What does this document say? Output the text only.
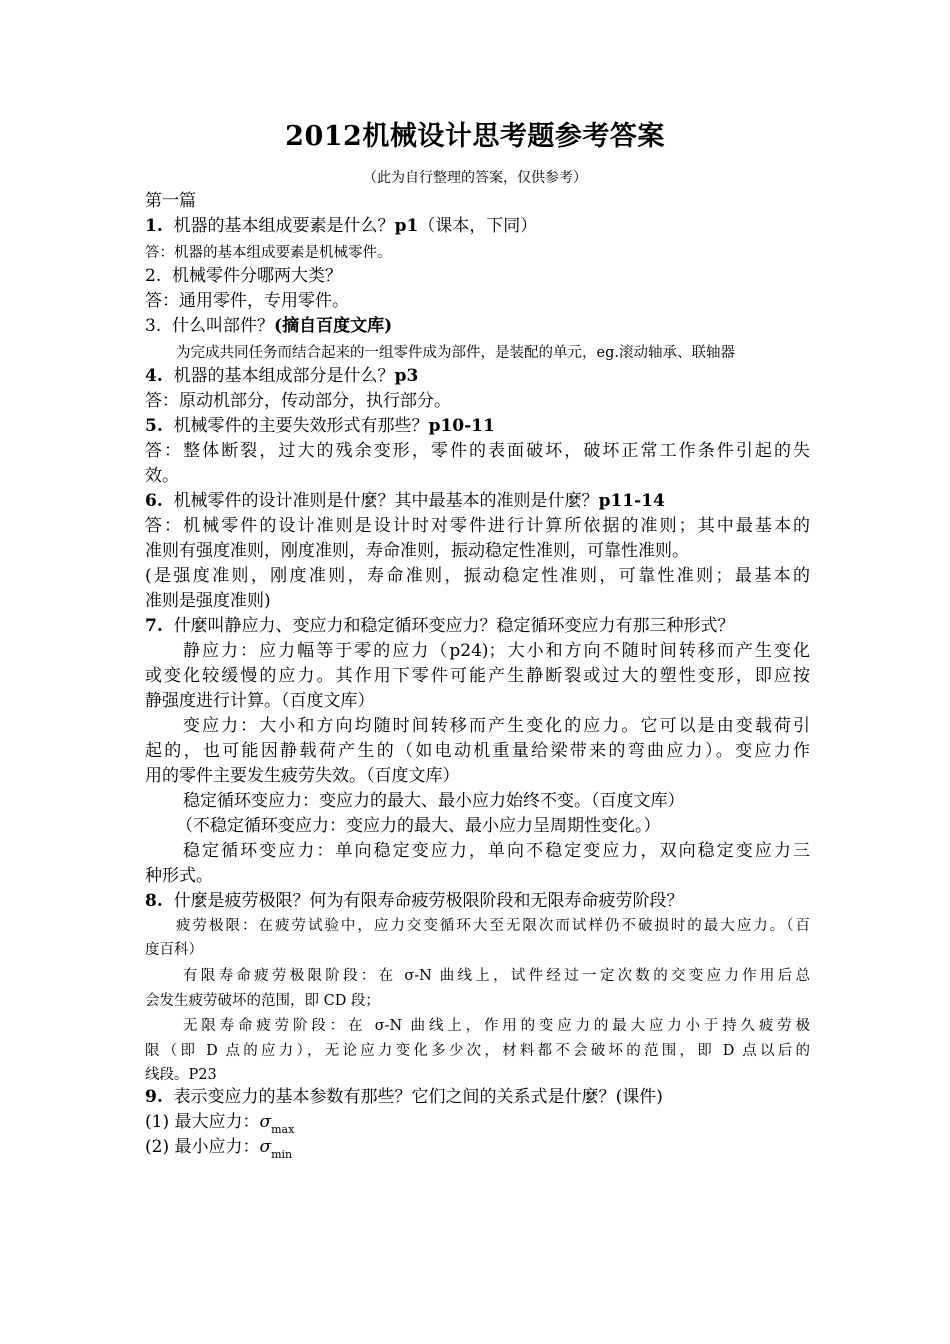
2012机械设计思考题参考答案
（此为自行整理的答案，仅供参考）
第一篇
1. 机器的基本组成要素是什么？p1（课本，下同）
答：机器的基本组成要素是机械零件。
2. 机械零件分哪两大类？
答：通用零件，专用零件。
3. 什么叫部件？(摘自百度文库)
为完成共同任务而结合起来的一组零件成为部件，是装配的单元，eg.滚动轴承、联轴器
4. 机器的基本组成部分是什么？p3
答：原动机部分，传动部分，执行部分。
5. 机械零件的主要失效形式有那些？p10-11
答：整体断裂，过大的残余变形，零件的表面破坏，破坏正常工作条件引起的失
效。
6. 机械零件的设计准则是什麼？其中最基本的准则是什麼？p11-14
答：机械零件的设计准则是设计时对零件进行计算所依据的准则；其中最基本的
准则有强度准则，刚度准则，寿命准则，振动稳定性准则，可靠性准则。
(是强度准则，刚度准则，寿命准则，振动稳定性准则，可靠性准则；最基本的
准则是强度准则)
7. 什麼叫静应力、变应力和稳定循环变应力？稳定循环变应力有那三种形式？
静应力：应力幅等于零的应力（p24)；大小和方向不随时间转移而产生变化
或变化较缓慢的应力。其作用下零件可能产生静断裂或过大的塑性变形，即应按
静强度进行计算。（百度文库）
变应力：大小和方向均随时间转移而产生变化的应力。它可以是由变载荷引
起的，也可能因静载荷产生的（如电动机重量给梁带来的弯曲应力）。变应力作
用的零件主要发生疲劳失效。（百度文库）
稳定循环变应力：变应力的最大、最小应力始终不变。（百度文库）
（不稳定循环变应力：变应力的最大、最小应力呈周期性变化。）
稳定循环变应力：单向稳定变应力，单向不稳定变应力，双向稳定变应力三
种形式。
8. 什麼是疲劳极限？何为有限寿命疲劳极限阶段和无限寿命疲劳阶段？
疲劳极限：在疲劳试验中，应力交变循环大至无限次而试样仍不破损时的最大应力。（百
度百科）
有限寿命疲劳极限阶段：在 σ-N 曲线上，试件经过一定次数的交变应力作用后总
会发生疲劳破坏的范围，即 CD 段；
无限寿命疲劳阶段：在 σ-N 曲线上，作用的变应力的最大应力小于持久疲劳极
限（即 D 点的应力），无论应力变化多少次，材料都不会破坏的范围，即 D 点以后的
线段。P23
9. 表示变应力的基本参数有那些？它们之间的关系式是什麼？(课件)
(1) 最大应力：$\sigma_{max}$
(2) 最小应力：$\sigma_{min}$
